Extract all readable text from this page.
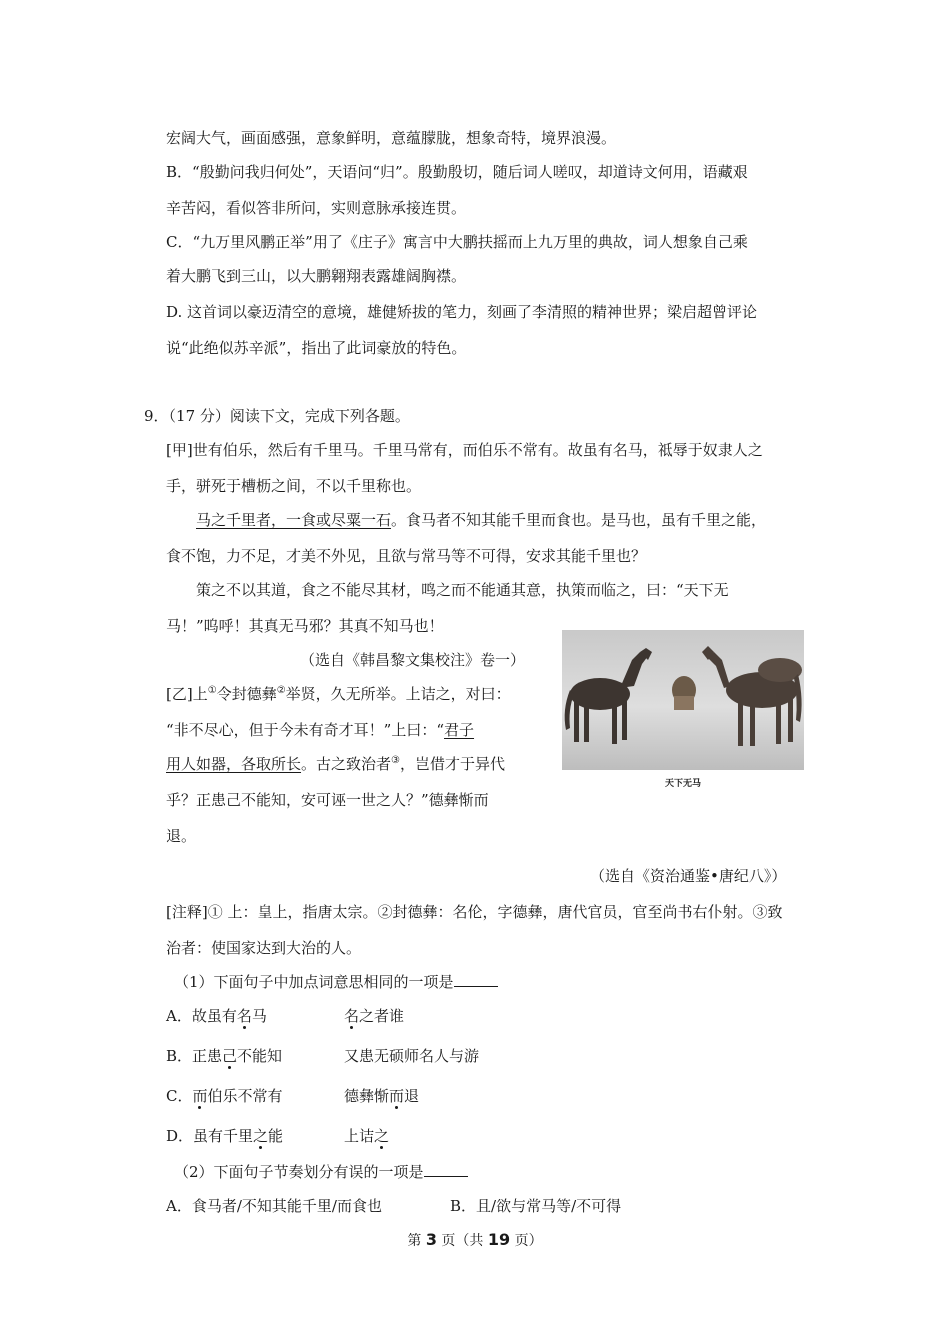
宏阔大气，画面感强，意象鲜明，意蕴朦胧，想象奇特，境界浪漫。
B．“殷勤问我归何处”，天语问“归”。殷勤殷切，随后词人嗟叹，却道诗文何用，语藏艰
辛苦闷，看似答非所问，实则意脉承接连贯。
C．“九万里风鹏正举”用了《庄子》寓言中大鹏扶摇而上九万里的典故，词人想象自己乘
着大鹏飞到三山，以大鹏翱翔表露雄阔胸襟。
D. 这首词以豪迈清空的意境，雄健矫拔的笔力，刻画了李清照的精神世界；梁启超曾评论
说“此绝似苏辛派”，指出了此词豪放的特色。
9．（17 分）阅读下文，完成下列各题。
[甲]世有伯乐，然后有千里马。千里马常有，而伯乐不常有。故虽有名马，祗辱于奴隶人之
手，骈死于槽枥之间，不以千里称也。
马之千里者，一食或尽粟一石。食马者不知其能千里而食也。是马也，虽有千里之能，
食不饱，力不足，才美不外见，且欲与常马等不可得，安求其能千里也？
策之不以其道，食之不能尽其材，鸣之而不能通其意，执策而临之，曰：“天下无
马！”呜呼！其真无马邪？其真不知马也！
（选自《韩昌黎文集校注》卷一）
[乙]上①令封德彝②举贤，久无所举。上诘之，对曰：
“非不尽心，但于今未有奇才耳！”上曰：“君子
用人如器，各取所长。古之致治者③，岂借才于异代
乎？正患己不能知，安可诬一世之人？”德彝惭而
退。
天下无马
（选自《资治通鉴•唐纪八》）
[注释]① 上：皇上，指唐太宗。②封德彝：名伦，字德彝，唐代官员，官至尚书右仆射。③致
治者：使国家达到大治的人。
（1）下面句子中加点词意思相同的一项是
A．故虽有名马	名之者谁
B．正患己不能知	又患无硕师名人与游
C．而伯乐不常有	德彝惭而退
D．虽有千里之能	上诘之
（2）下面句子节奏划分有误的一项是
A．食马者/不知其能千里/而食也	B．且/欲与常马等/不可得
第 3 页（共 19 页）
